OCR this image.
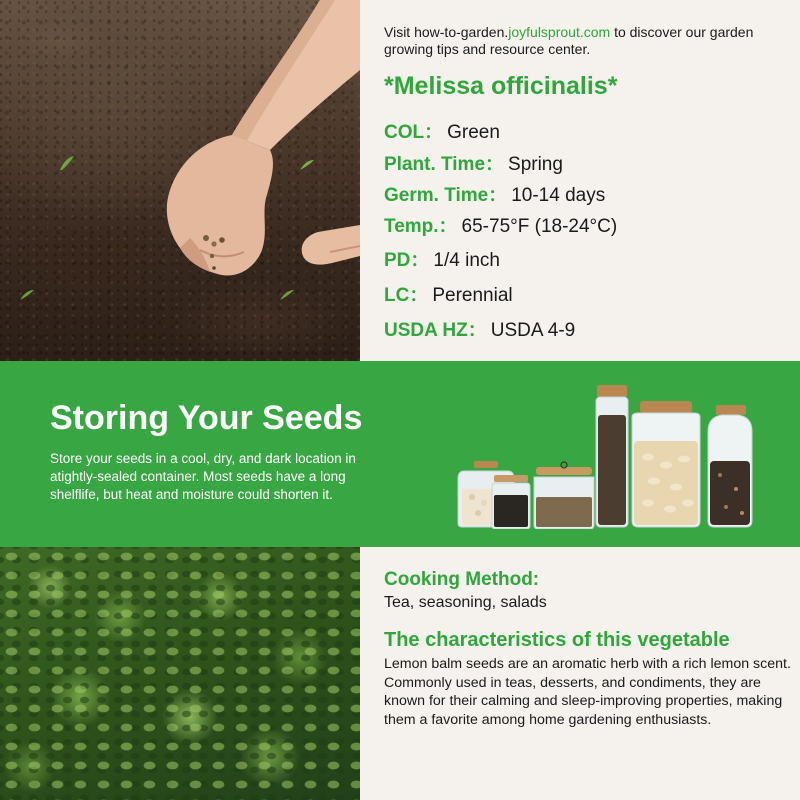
Visit how-to-garden.joyfulsprout.com to discover our garden growing tips and resource center.
*Melissa officinalis*
COL： Green
Plant. Time： Spring
Germ. Time： 10-14 days
Temp.： 65-75°F (18-24°C)
PD： 1/4 inch
LC： Perennial
USDA HZ： USDA 4-9
Storing Your Seeds
Store your seeds in a cool, dry, and dark location in atightly-sealed container. Most seeds have a long shelflife, but heat and moisture could shorten it.
Cooking Method:
Tea, seasoning, salads
The characteristics of this vegetable
Lemon balm seeds are an aromatic herb with a rich lemon scent. Commonly used in teas, desserts, and condiments, they are known for their calming and sleep-improving properties, making them a favorite among home gardening enthusiasts.
